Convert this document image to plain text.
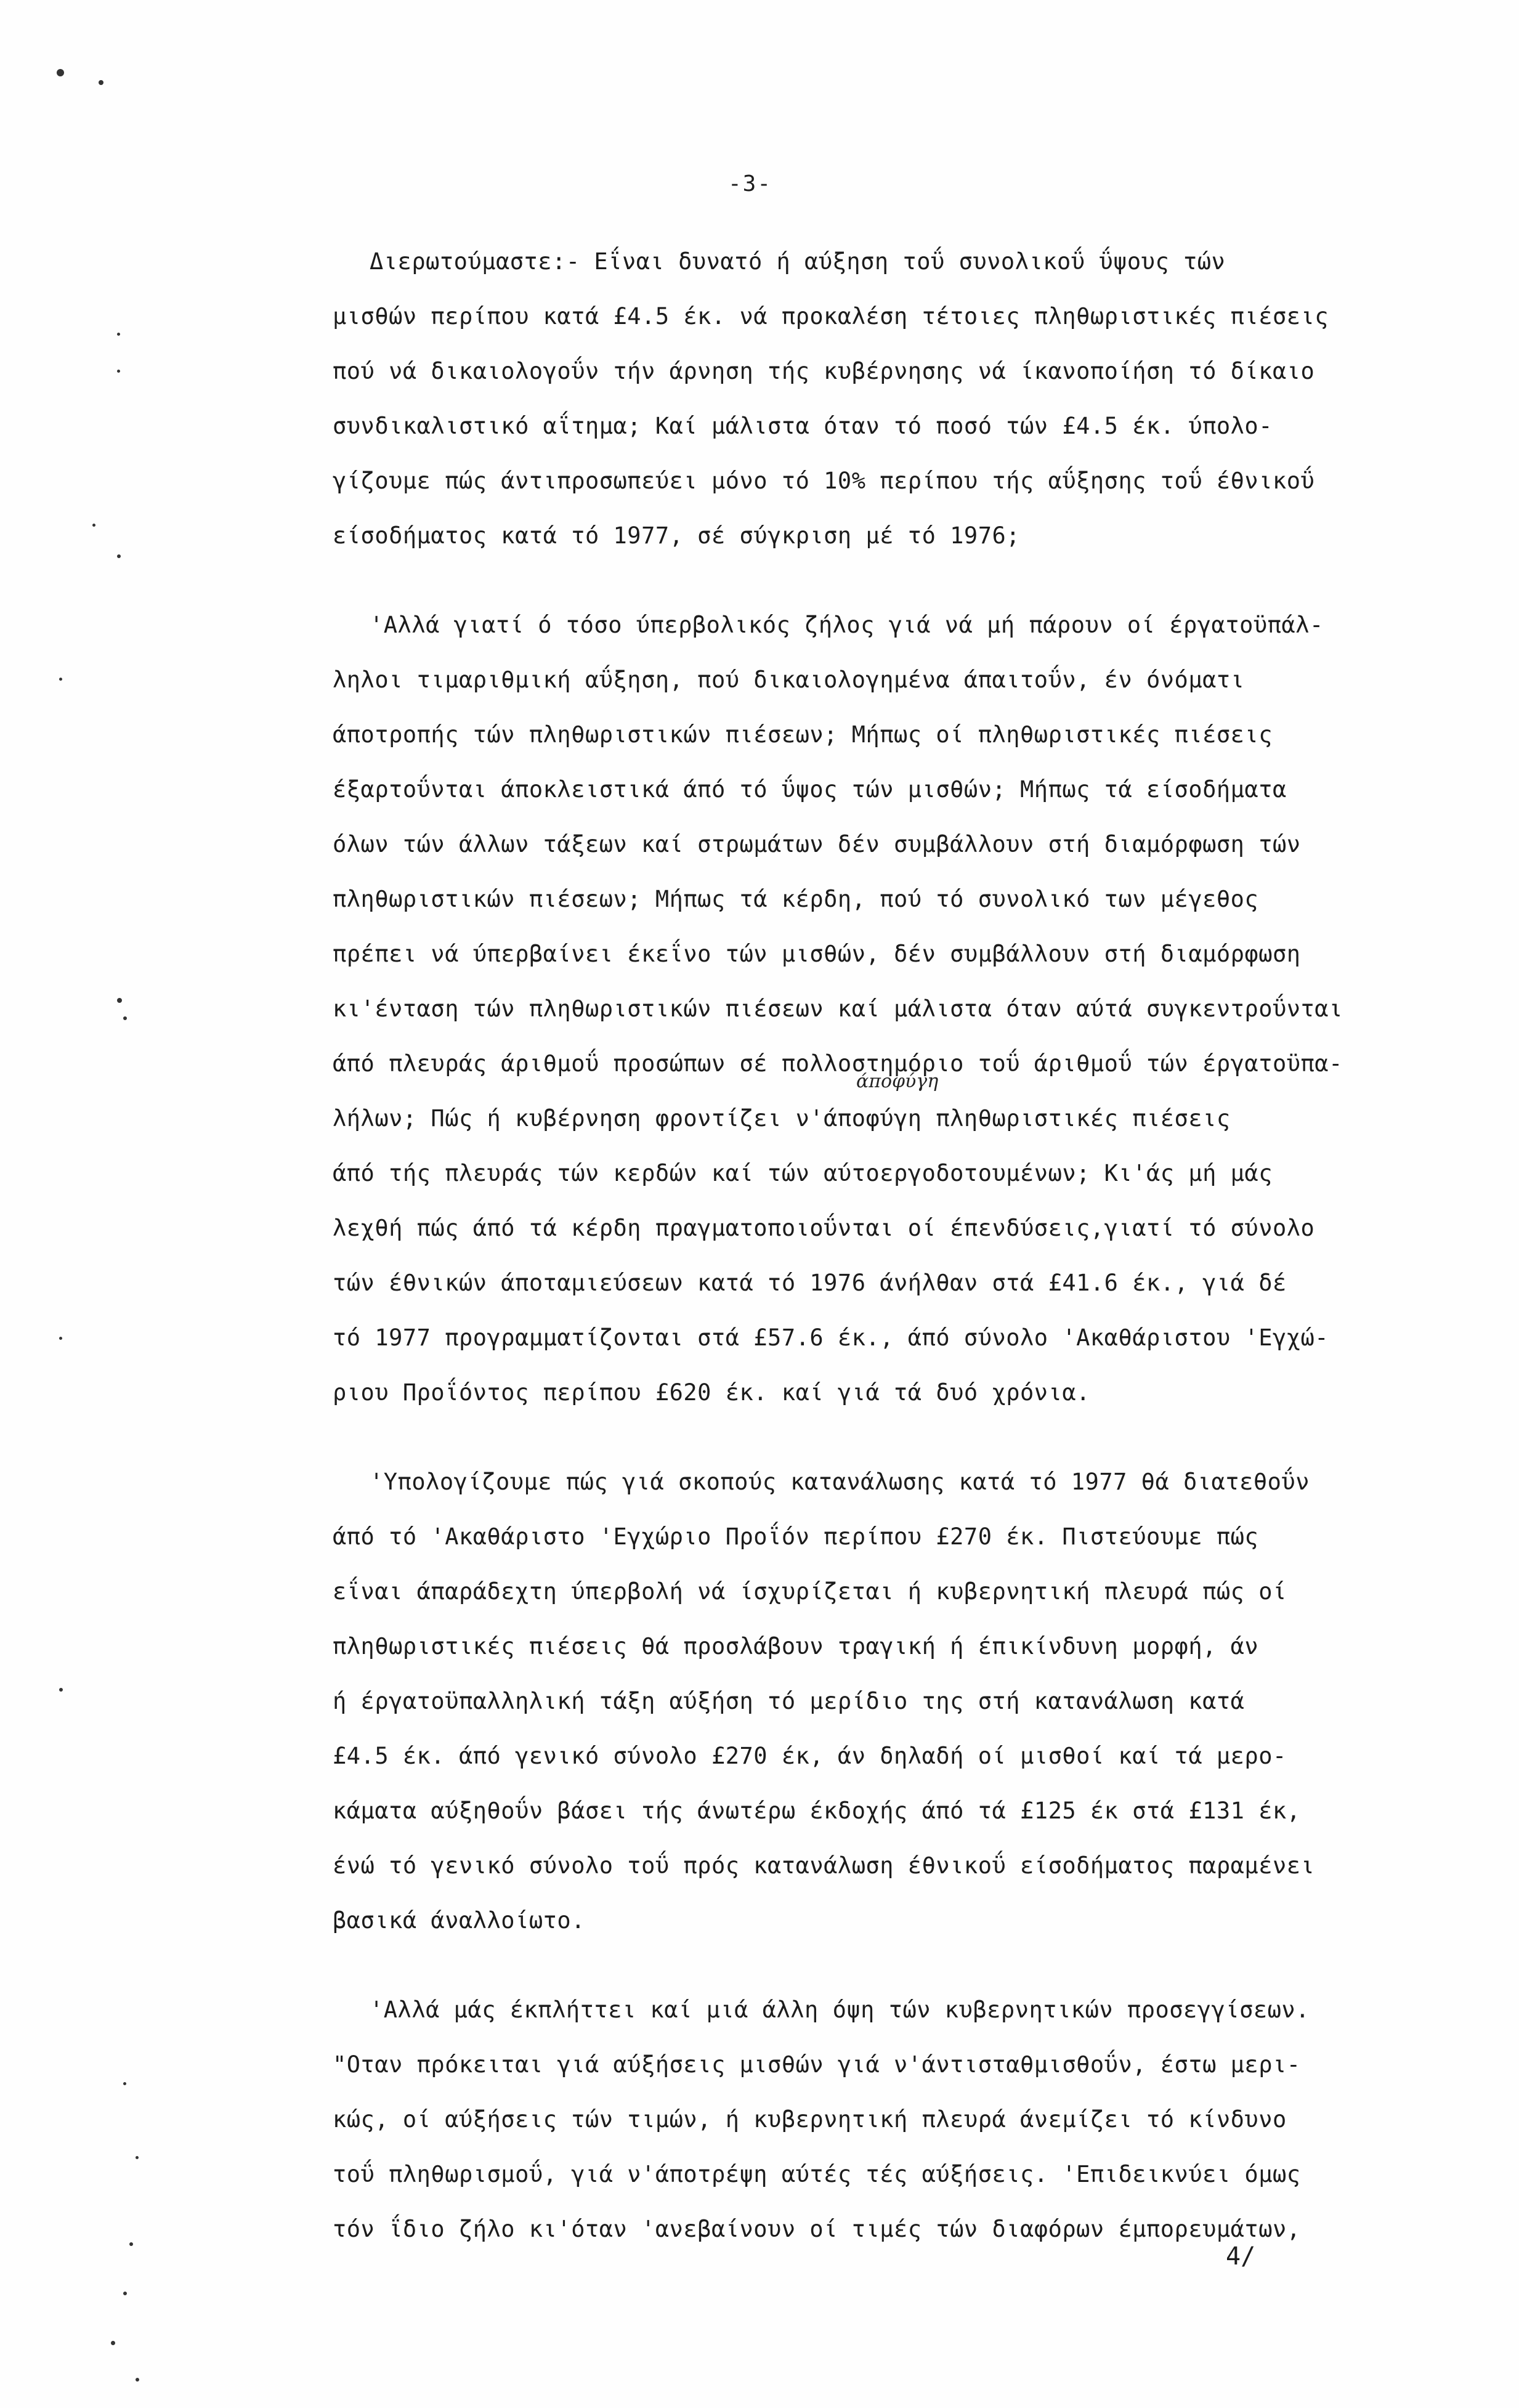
-3-
Διερωτούμαστε:- Εΐναι δυνατό ή αύξηση τοΰ συνολικοΰ ΰψους τών
μισθών περίπου κατά £4.5 έκ. νά προκαλέση τέτοιες πληθωριστικές πιέσεις
πού νά δικαιολογοΰν τήν άρνηση τής κυβέρνησης νά ίκανοποίήση τό δίκαιο
συνδικαλιστικό αΐτημα; Καί μάλιστα όταν τό ποσό τών £4.5 έκ. ύπολο-
γίζουμε πώς άντιπροσωπεύει μόνο τό 10% περίπου τής αΰξησης τοΰ έθνικοΰ
είσοδήματος κατά τό 1977, σέ σύγκριση μέ τό 1976;
'Αλλά γιατί ό τόσο ύπερβολικός ζήλος γιά νά μή πάρουν οί έργατοϋπάλ-
ληλοι τιμαριθμική αΰξηση, πού δικαιολογημένα άπαιτοΰν, έν όνόματι
άποτροπής τών πληθωριστικών πιέσεων; Μήπως οί πληθωριστικές πιέσεις
έξαρτοΰνται άποκλειστικά άπό τό ΰψος τών μισθών; Μήπως τά είσοδήματα
όλων τών άλλων τάξεων καί στρωμάτων δέν συμβάλλουν στή διαμόρφωση τών
πληθωριστικών πιέσεων; Μήπως τά κέρδη, πού τό συνολικό των μέγεθος
πρέπει νά ύπερβαίνει έκεΐνο τών μισθών, δέν συμβάλλουν στή διαμόρφωση
κι'ένταση τών πληθωριστικών πιέσεων καί μάλιστα όταν αύτά συγκεντροΰνται
άπό πλευράς άριθμοΰ προσώπων σέ πολλοστημόριο τοΰ άριθμοΰ τών έργατοϋπα-
λήλων; Πώς ή κυβέρνηση φροντίζει ν'άποφύγη πληθωριστικές πιέσεις
άπό τής πλευράς τών κερδών καί τών αύτοεργοδοτουμένων; Κι'άς μή μάς
λεχθή πώς άπό τά κέρδη πραγματοποιοΰνται οί έπενδύσεις,γιατί τό σύνολο
τών έθνικών άποταμιεύσεων κατά τό 1976 άνήλθαν στά £41.6 έκ., γιά δέ
τό 1977 προγραμματίζονται στά £57.6 έκ., άπό σύνολο 'Ακαθάριστου 'Εγχώ-
ριου Προΐόντος περίπου £620 έκ. καί γιά τά δυό χρόνια.
'Υπολογίζουμε πώς γιά σκοπούς κατανάλωσης κατά τό 1977 θά διατεθοΰν
άπό τό 'Ακαθάριστο 'Εγχώριο Προΐόν περίπου £270 έκ. Πιστεύουμε πώς
εΐναι άπαράδεχτη ύπερβολή νά ίσχυρίζεται ή κυβερνητική πλευρά πώς οί
πληθωριστικές πιέσεις θά προσλάβουν τραγική ή έπικίνδυνη μορφή, άν
ή έργατοϋπαλληλική τάξη αύξήση τό μερίδιο της στή κατανάλωση κατά
£4.5 έκ. άπό γενικό σύνολο £270 έκ, άν δηλαδή οί μισθοί καί τά μερο-
κάματα αύξηθοΰν βάσει τής άνωτέρω έκδοχής άπό τά £125 έκ στά £131 έκ,
ένώ τό γενικό σύνολο τοΰ πρός κατανάλωση έθνικοΰ είσοδήματος παραμένει
βασικά άναλλοίωτο.
'Αλλά μάς έκπλήττει καί μιά άλλη όψη τών κυβερνητικών προσεγγίσεων.
"Οταν πρόκειται γιά αύξήσεις μισθών γιά ν'άντισταθμισθοΰν, έστω μερι-
κώς, οί αύξήσεις τών τιμών, ή κυβερνητική πλευρά άνεμίζει τό κίνδυνο
τοΰ πληθωρισμοΰ, γιά ν'άποτρέψη αύτές τές αύξήσεις. 'Επιδεικνύει όμως
τόν ΐδιο ζήλο κι'όταν 'ανεβαίνουν οί τιμές τών διαφόρων έμπορευμάτων,
άποφύγη
4/
